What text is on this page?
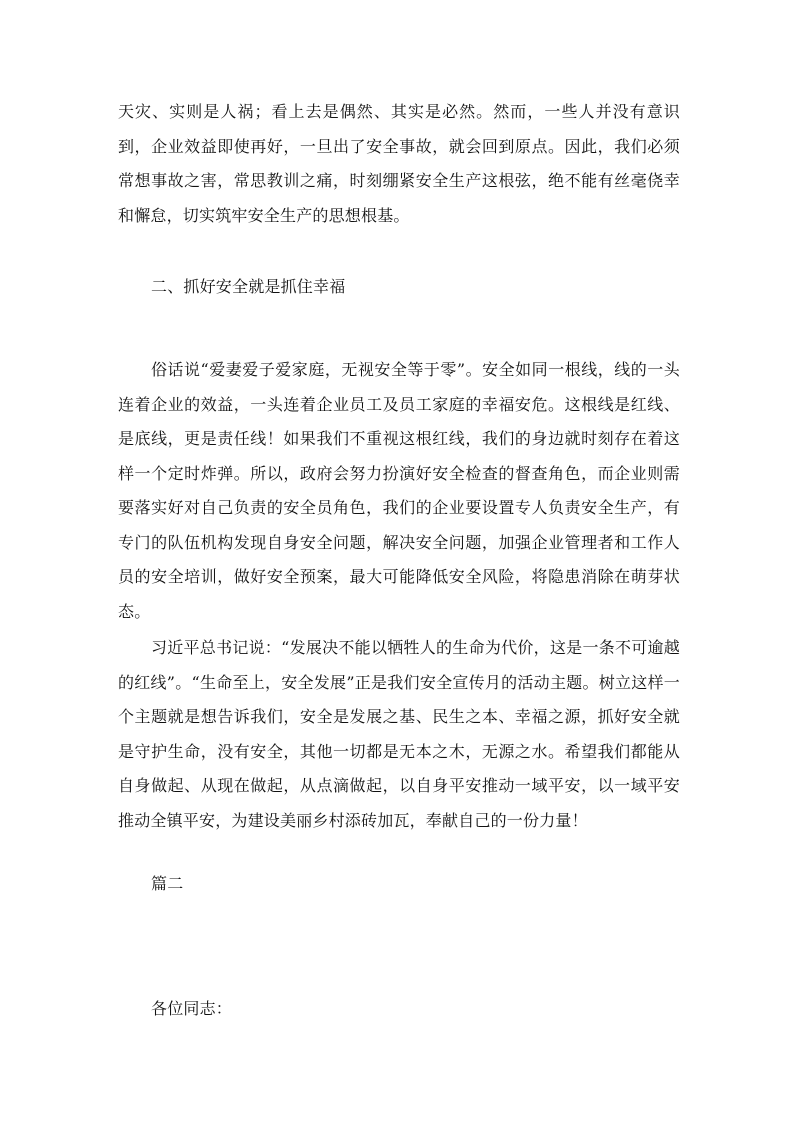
天灾、实则是人祸；看上去是偶然、其实是必然。然而，一些人并没有意识到，企业效益即使再好，一旦出了安全事故，就会回到原点。因此，我们必须常想事故之害，常思教训之痛，时刻绷紧安全生产这根弦，绝不能有丝毫侥幸和懈怠，切实筑牢安全生产的思想根基。

二、抓好安全就是抓住幸福

俗话说“爱妻爱子爱家庭，无视安全等于零”。安全如同一根线，线的一头连着企业的效益，一头连着企业员工及员工家庭的幸福安危。这根线是红线、是底线，更是责任线！如果我们不重视这根红线，我们的身边就时刻存在着这样一个定时炸弹。所以，政府会努力扮演好安全检查的督查角色，而企业则需要落实好对自己负责的安全员角色，我们的企业要设置专人负责安全生产，有专门的队伍机构发现自身安全问题，解决安全问题，加强企业管理者和工作人员的安全培训，做好安全预案，最大可能降低安全风险，将隐患消除在萌芽状态。

习近平总书记说：“发展决不能以牺牲人的生命为代价，这是一条不可逾越的红线”。“生命至上，安全发展”正是我们安全宣传月的活动主题。树立这样一个主题就是想告诉我们，安全是发展之基、民生之本、幸福之源，抓好安全就是守护生命，没有安全，其他一切都是无本之木，无源之水。希望我们都能从自身做起、从现在做起，从点滴做起，以自身平安推动一域平安，以一域平安推动全镇平安，为建设美丽乡村添砖加瓦，奉献自己的一份力量！

篇二

各位同志：
